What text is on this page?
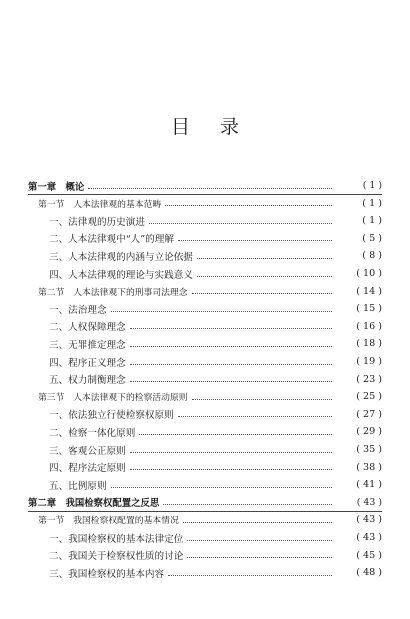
目 录
第一章　概论	( 1 )
第一节　人本法律观的基本范畴	( 1 )
一、法律观的历史演进	( 1 )
二、人本法律观中“人”的理解	( 5 )
三、人本法律观的内涵与立论依据	( 8 )
四、人本法律观的理论与实践意义	( 10 )
第二节　人本法律观下的刑事司法理念	( 14 )
一、法治理念	( 15 )
二、人权保障理念	( 16 )
三、无罪推定理念	( 18 )
四、程序正义理念	( 19 )
五、权力制衡理念	( 23 )
第三节　人本法律观下的检察活动原则	( 25 )
一、依法独立行使检察权原则	( 27 )
二、检察一体化原则	( 29 )
三、客观公正原则	( 35 )
四、程序法定原则	( 38 )
五、比例原则	( 41 )
第二章　我国检察权配置之反思	( 43 )
第一节　我国检察权配置的基本情况	( 43 )
一、我国检察权的基本法律定位	( 43 )
二、我国关于检察权性质的讨论	( 45 )
三、我国检察权的基本内容	( 48 )
